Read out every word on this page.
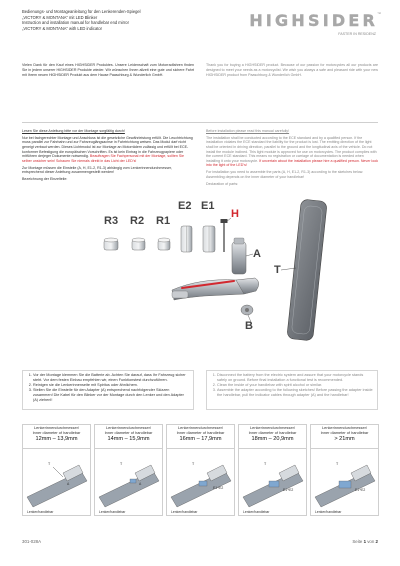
Bedienungs- und Montageanleitung für den Lenkerenden-Spiegel
„VICTORY & MONTANA“ mit LED Blinker
Instruction and installation manual for handlebar end mirror
„VICTORY & MONTANA“ with LED indicator	HIGHSIDER ™
FASTER IN RESIDENZ
Vielen Dank für den Kauf eines HIGHSIDER Produktes. Unsere Leidenschaft zum Motorradfahren finden Sie in jedem unserer HIGHSIDER Produkte wieder. Wir wünschen Ihnen allzeit eine gute und sichere Fahrt mit Ihrem neuen HIGHSIDER Produkt aus dem Hause Paaschburg & Wunderlich GmbH.
Thank you for buying a HIGHSIDER product. Because of our passion for motorcycles all our products are designed to meet your needs as a motorcyclist. We wish you always a safe and pleasant ride with your new HIGHSIDER product from Paaschburg & Wunderlich GmbH.

Lesen Sie diese Anleitung bitte vor der Montage sorgfältig durch!

Nur bei fachgerechter Montage und Anschluss ist die gesetzliche Gewährleistung erfüllt. Die Leuchtrichtung muss parallel zur Fahrbahn und zur Fahrzeuglängsachse in Fahrtrichtung weisen. Das Modul darf nicht geneigt verbaut werden. Dieses Lichtmodul ist zur Montage an Motorrädern zulässig und erfüllt bei ECE-konformer Befestigung die europäischen Vorschriften. Es ist kein Eintrag in die Fahrzeugpapiere oder mitführen derjeger Dokumente notwendig. Beauftragen Sie Fachpersonal mit der Montage, sollten Sie selber unsicher sein! Schauen Sie niemals direkt in das Licht der LED’s!

Zur Montage müssen die Einsteile (A, H, E1-2, R1-3) abhängig vom Lenkerinnendurchmesser, entsprechend dieser Anleitung zusammengestellt werden!

Bezeichnung der Einzelteile:

Before installation please read this manual carefully!

The installation shall be conducted according to the ECE standard and by a qualified person. If the installation violates the ECE standard the liability for the product is lost. The emitting direction of the light shall be oriented in driving direction, parallel to the ground and the longitudinal axis of the vehicle. Do not install the module inclined. This light module is approved for use on motorcycles. The product complies with the current ECE standard. This means no registration or carriage of documentation is needed when installing it onto your motorcycle. If uncertain about the installation please hire a qualified person. Never look into the light of the LED’s!

For installation you need to assemble the parts (A, H, E1-2, R1-3) according to the sketches below. Assembling depends on the inner diameter of your handlebar!

Declaration of parts:

R3 R2 R1
E2 E1
H
A
T
B
1. Vor der Montage klemmen Sie die Batterie ab. Achten Sie darauf, dass Ihr Fahrzeug sicher steht. Vor dem festen Einbau empfehlen wir, einen Funktionstest durchzuführen.
2. Reinigen sie die Lenkerinnenseite mit Spiritus oder ähnlichem.
3. Stellen Sie die Einsteile für den Adapter (A) entsprechend nachfolgender Skizzen zusammen! Die Kabel für den Blinker vor der Montage durch den Lenker und den Adapter (A) ziehen!!
1. Disconnect the battery from the electric system and assure that your motorcycle stands safely on ground. Before final installation a functional test is recommended.
2. Clean the inside of your handlebar with spirit alcohol or similar.
3. Assemble the adapter according to the following sketches! Before passing the adapter inside the handlebar, pull the indicator cables through adapter (A) and the handlebar!
Lenkerinnendurchmesser/
Inner diameter of handlebar
12mm – 13,9mm
T
A
Lenker/handlebar
Lenkerinnendurchmesser/
Inner diameter of handlebar
14mm – 15,9mm
T
A
Lenker/handlebar
Lenkerinnendurchmesser/
Inner diameter of handlebar
16mm – 17,9mm
T
E1+E2
Lenker/handlebar
Lenkerinnendurchmesser/
Inner diameter of handlebar
18mm – 20,9mm
T
E1+E2
Lenker/handlebar
Lenkerinnendurchmesser/
Inner diameter of handlebar
> 21mm
T
E1+E2
Lenker/handlebar
301-028A	Seite 1 von 2
